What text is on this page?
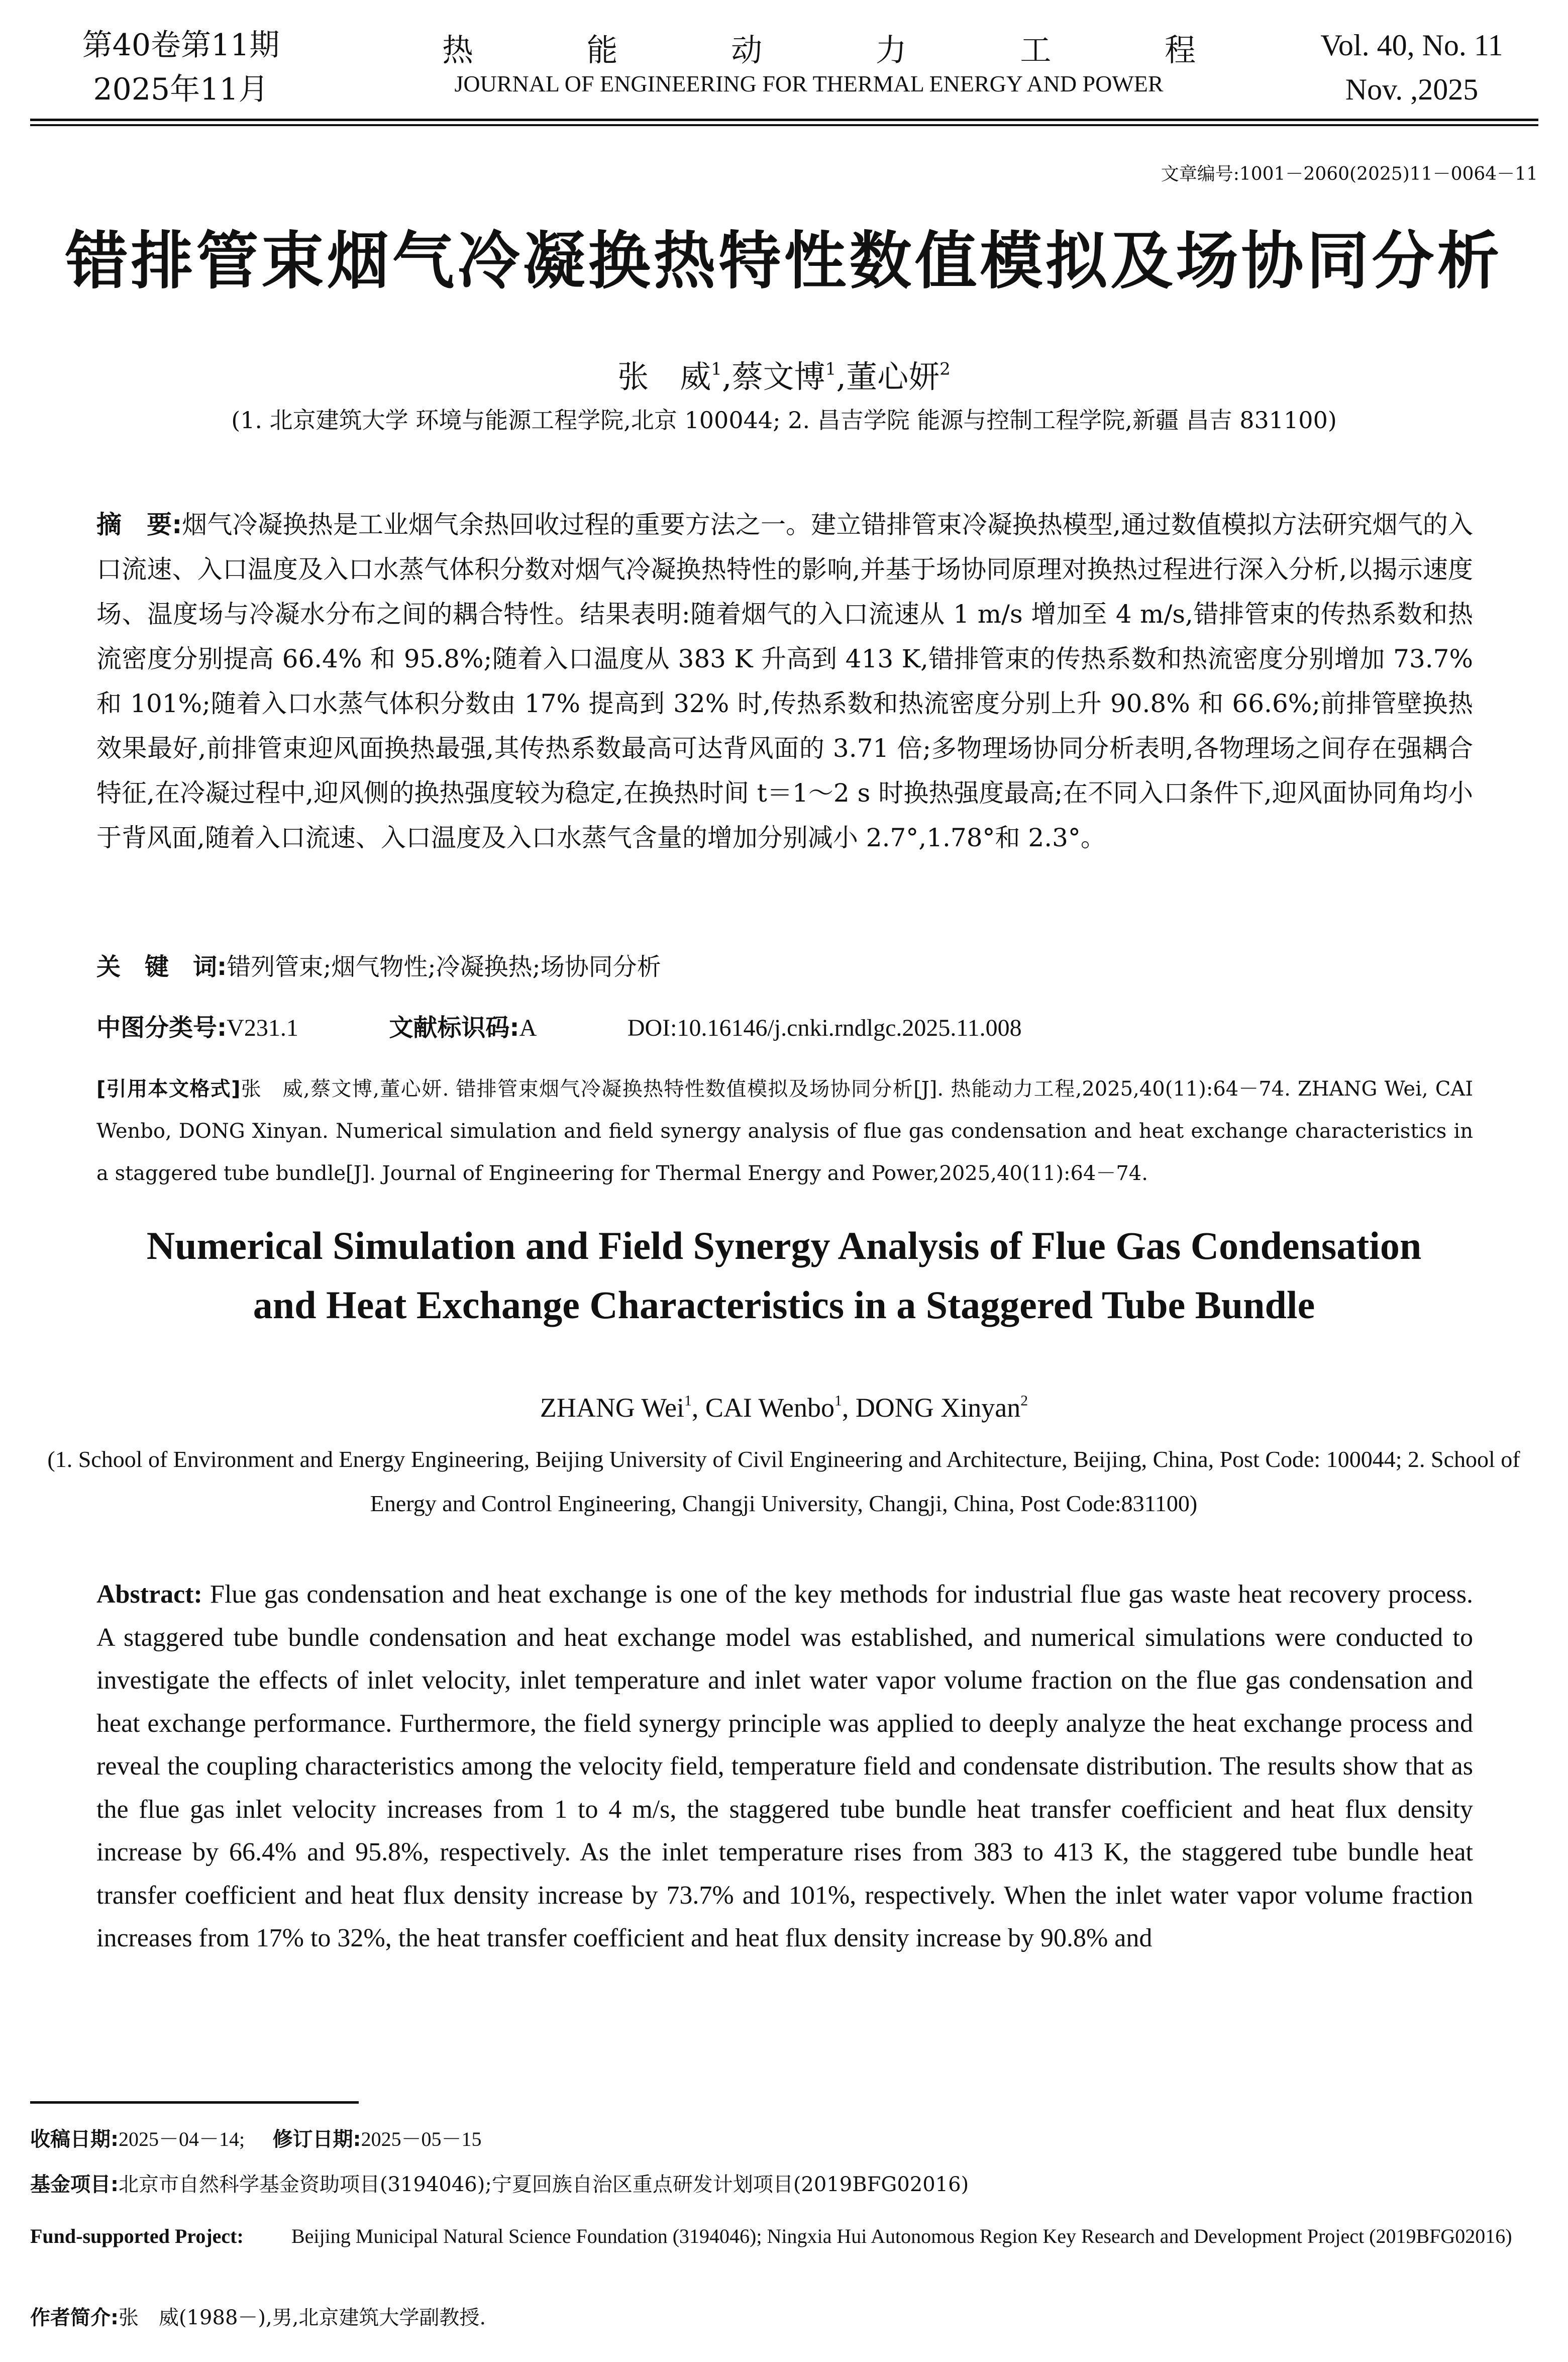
第40卷第11期
2025年11月
热	能	动	力	工	程
JOURNAL OF ENGINEERING FOR THERMAL ENERGY AND POWER
Vol. 40, No. 11
Nov. ,2025
文章编号:1001－2060(2025)11－0064－11
错排管束烟气冷凝换热特性数值模拟及场协同分析
张　威$^1$,蔡文博$^1$,董心妍$^2$
(1. 北京建筑大学 环境与能源工程学院,北京 100044; 2. 昌吉学院 能源与控制工程学院,新疆 昌吉 831100)
摘　要:烟气冷凝换热是工业烟气余热回收过程的重要方法之一。建立错排管束冷凝换热模型,通过数值模拟方法研究烟气的入口流速、入口温度及入口水蒸气体积分数对烟气冷凝换热特性的影响,并基于场协同原理对换热过程进行深入分析,以揭示速度场、温度场与冷凝水分布之间的耦合特性。结果表明:随着烟气的入口流速从 1 m/s 增加至 4 m/s,错排管束的传热系数和热流密度分别提高 66.4% 和 95.8%;随着入口温度从 383 K 升高到 413 K,错排管束的传热系数和热流密度分别增加 73.7% 和 101%;随着入口水蒸气体积分数由 17% 提高到 32% 时,传热系数和热流密度分别上升 90.8% 和 66.6%;前排管壁换热效果最好,前排管束迎风面换热最强,其传热系数最高可达背风面的 3.71 倍;多物理场协同分析表明,各物理场之间存在强耦合特征,在冷凝过程中,迎风侧的换热强度较为稳定,在换热时间 t＝1～2 s 时换热强度最高;在不同入口条件下,迎风面协同角均小于背风面,随着入口流速、入口温度及入口水蒸气含量的增加分别减小 2.7°,1.78°和 2.3°。
关　键　词:错列管束;烟气物性;冷凝换热;场协同分析
中图分类号:V231.1	文献标识码:A	DOI:10.16146/j.cnki.rndlgc.2025.11.008
[引用本文格式]张　威,蔡文博,董心妍. 错排管束烟气冷凝换热特性数值模拟及场协同分析[J]. 热能动力工程,2025,40(11):64－74. ZHANG Wei, CAI Wenbo, DONG Xinyan. Numerical simulation and field synergy analysis of flue gas condensation and heat exchange characteristics in a staggered tube bundle[J]. Journal of Engineering for Thermal Energy and Power,2025,40(11):64－74.
Numerical Simulation and Field Synergy Analysis of Flue Gas Condensation
and Heat Exchange Characteristics in a Staggered Tube Bundle
ZHANG Wei$^1$, CAI Wenbo$^1$, DONG Xinyan$^2$
(1. School of Environment and Energy Engineering, Beijing University of Civil Engineering and Architecture, Beijing, China, Post Code: 100044; 2. School of Energy and Control Engineering, Changji University, Changji, China, Post Code:831100)
Abstract: Flue gas condensation and heat exchange is one of the key methods for industrial flue gas waste heat recovery process. A staggered tube bundle condensation and heat exchange model was established, and numerical simulations were conducted to investigate the effects of inlet velocity, inlet temperature and inlet water vapor volume fraction on the flue gas condensation and heat exchange performance. Furthermore, the field synergy principle was applied to deeply analyze the heat exchange process and reveal the coupling characteristics among the velocity field, temperature field and condensate distribution. The results show that as the flue gas inlet velocity increases from 1 to 4 m/s, the staggered tube bundle heat transfer coefficient and heat flux density increase by 66.4% and 95.8%, respectively. As the inlet temperature rises from 383 to 413 K, the staggered tube bundle heat transfer coefficient and heat flux density increase by 73.7% and 101%, respectively. When the inlet water vapor volume fraction increases from 17% to 32%, the heat transfer coefficient and heat flux density increase by 90.8% and
收稿日期:2025－04－14; 修订日期:2025－05－15
基金项目:北京市自然科学基金资助项目(3194046);宁夏回族自治区重点研发计划项目(2019BFG02016)
Fund-supported Project: Beijing Municipal Natural Science Foundation (3194046); Ningxia Hui Autonomous Region Key Research and Development Project (2019BFG02016)
作者简介:张　威(1988－),男,北京建筑大学副教授.
